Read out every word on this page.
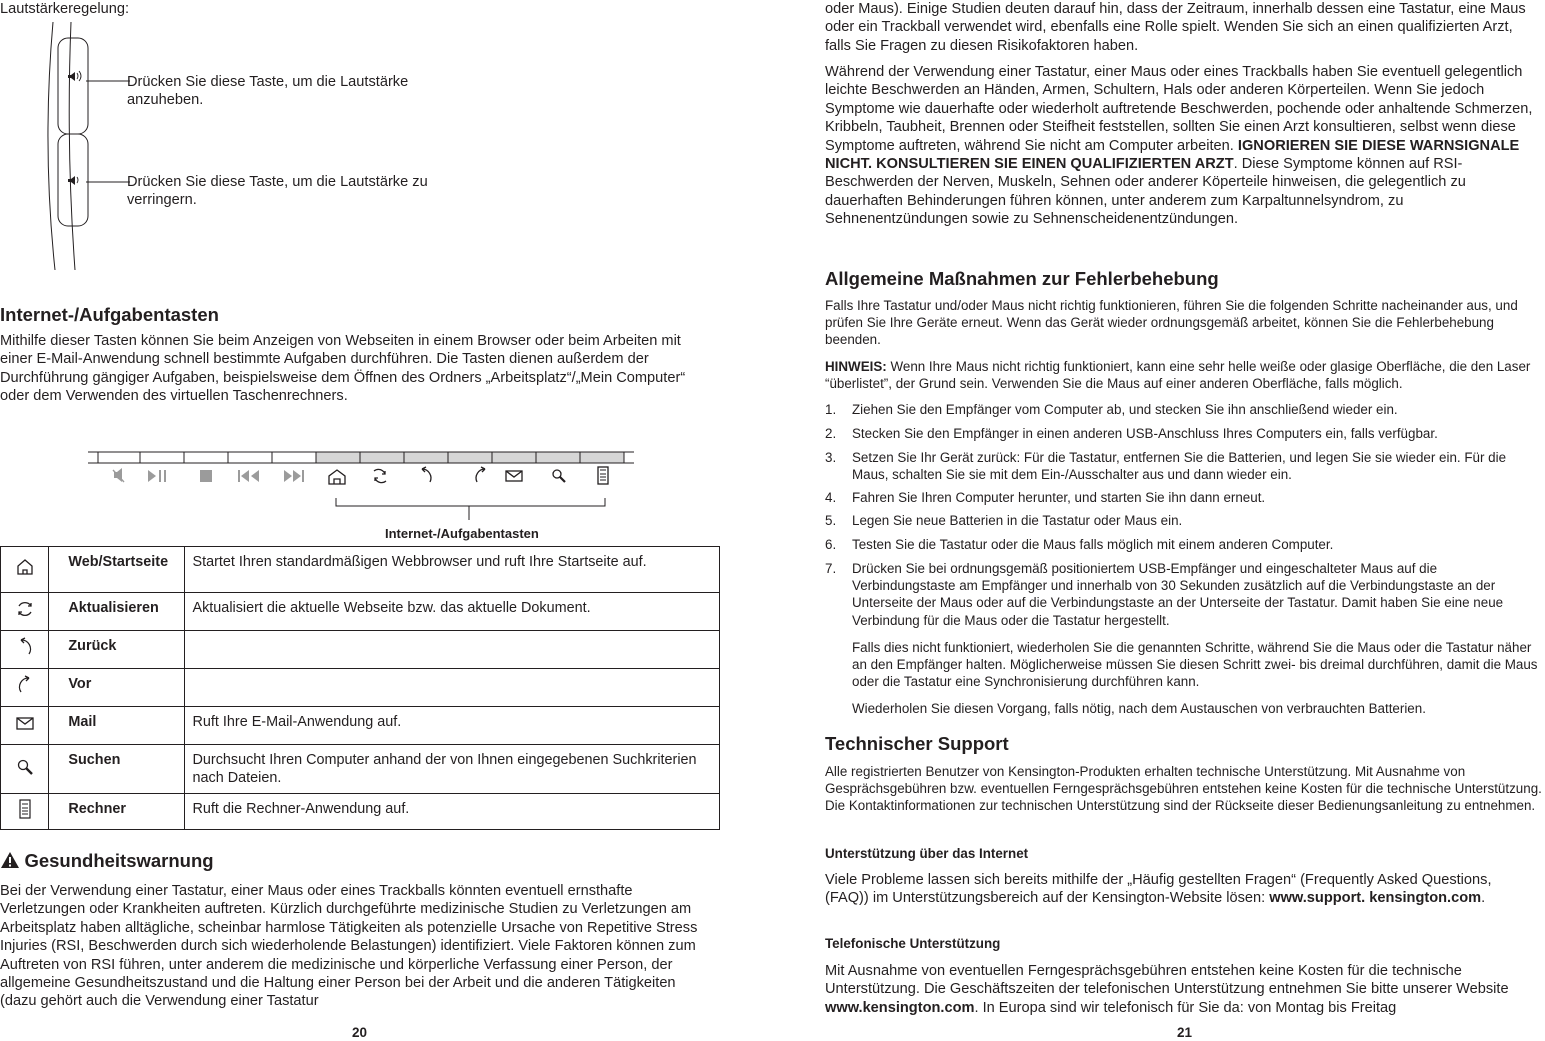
Lautstärkeregelung:
Drücken Sie diese Taste, um die Lautstärke anzuheben.
Drücken Sie diese Taste, um die Lautstärke zu verringern.
Internet-/Aufgabentasten

Mithilfe dieser Tasten können Sie beim Anzeigen von Webseiten in einem Browser oder beim Arbeiten mit einer E-Mail-Anwendung schnell bestimmte Aufgaben durchführen. Die Tasten dienen außerdem der Durchführung gängiger Aufgaben, beispielsweise dem Öffnen des Ordners „Arbeitsplatz“/„Mein Computer“ oder dem Verwenden des virtuellen Taschenrechners.

Internet-/Aufgabentasten
	Web/Startseite	Startet Ihren standardmäßigen Webbrowser und ruft Ihre Startseite auf.
	Aktualisieren	Aktualisiert die aktuelle Webseite bzw. das aktuelle Dokument.
	Zurück	
	Vor	
	Mail	Ruft Ihre E-Mail-Anwendung auf.
	Suchen	Durchsucht Ihren Computer anhand der von Ihnen eingegebenen Suchkriterien nach Dateien.
	Rechner	Ruft die Rechner-Anwendung auf.
Gesundheitswarnung

Bei der Verwendung einer Tastatur, einer Maus oder eines Trackballs könnten eventuell ernsthafte Verletzungen oder Krankheiten auftreten. Kürzlich durchgeführte medizinische Studien zu Verletzungen am Arbeitsplatz haben alltägliche, scheinbar harmlose Tätigkeiten als potenzielle Ursache von Repetitive Stress Injuries (RSI, Beschwerden durch sich wiederholende Belastungen) identifiziert. Viele Faktoren können zum Auftreten von RSI führen, unter anderem die medizinische und körperliche Verfassung einer Person, der allgemeine Gesundheitszustand und die Haltung einer Person bei der Arbeit und die anderen Tätigkeiten (dazu gehört auch die Verwendung einer Tastatur

20

oder Maus). Einige Studien deuten darauf hin, dass der Zeitraum, innerhalb dessen eine Tastatur, eine Maus oder ein Trackball verwendet wird, ebenfalls eine Rolle spielt. Wenden Sie sich an einen qualifizierten Arzt, falls Sie Fragen zu diesen Risikofaktoren haben.

Während der Verwendung einer Tastatur, einer Maus oder eines Trackballs haben Sie eventuell gelegentlich leichte Beschwerden an Händen, Armen, Schultern, Hals oder anderen Körperteilen. Wenn Sie jedoch Symptome wie dauerhafte oder wiederholt auftretende Beschwerden, pochende oder anhaltende Schmerzen, Kribbeln, Taubheit, Brennen oder Steifheit feststellen, sollten Sie einen Arzt konsultieren, selbst wenn diese Symptome auftreten, während Sie nicht am Computer arbeiten. IGNORIEREN SIE DIESE WARNSIGNALE NICHT. KONSULTIEREN SIE EINEN QUALIFIZIERTEN ARZT. Diese Symptome können auf RSI-Beschwerden der Nerven, Muskeln, Sehnen oder anderer Köperteile hinweisen, die gelegentlich zu dauerhaften Behinderungen führen können, unter anderem zum Karpaltunnelsyndrom, zu Sehnenentzündungen sowie zu Sehnenscheidenentzündungen.

Allgemeine Maßnahmen zur Fehlerbehebung

Falls Ihre Tastatur und/oder Maus nicht richtig funktionieren, führen Sie die folgenden Schritte nacheinander aus, und prüfen Sie Ihre Geräte erneut. Wenn das Gerät wieder ordnungsgemäß arbeitet, können Sie die Fehlerbehebung beenden.

HINWEIS: Wenn Ihre Maus nicht richtig funktioniert, kann eine sehr helle weiße oder glasige Oberfläche, die den Laser “überlistet”, der Grund sein. Verwenden Sie die Maus auf einer anderen Oberfläche, falls möglich.

1. Ziehen Sie den Empfänger vom Computer ab, und stecken Sie ihn anschließend wieder ein.
2. Stecken Sie den Empfänger in einen anderen USB-Anschluss Ihres Computers ein, falls verfügbar.
3. Setzen Sie Ihr Gerät zurück: Für die Tastatur, entfernen Sie die Batterien, und legen Sie sie wieder ein. Für die Maus, schalten Sie sie mit dem Ein-/Ausschalter aus und dann wieder ein.
4. Fahren Sie Ihren Computer herunter, und starten Sie ihn dann erneut.
5. Legen Sie neue Batterien in die Tastatur oder Maus ein.
6. Testen Sie die Tastatur oder die Maus falls möglich mit einem anderen Computer.
7. Drücken Sie bei ordnungsgemäß positioniertem USB-Empfänger und eingeschalteter Maus auf die Verbindungstaste am Empfänger und innerhalb von 30 Sekunden zusätzlich auf die Verbindungstaste an der Unterseite der Maus oder auf die Verbindungstaste an der Unterseite der Tastatur. Damit haben Sie eine neue Verbindung für die Maus oder die Tastatur hergestellt.

Falls dies nicht funktioniert, wiederholen Sie die genannten Schritte, während Sie die Maus oder die Tastatur näher an den Empfänger halten. Möglicherweise müssen Sie diesen Schritt zwei- bis dreimal durchführen, damit die Maus oder die Tastatur eine Synchronisierung durchführen kann.

Wiederholen Sie diesen Vorgang, falls nötig, nach dem Austauschen von verbrauchten Batterien.

Technischer Support

Alle registrierten Benutzer von Kensington-Produkten erhalten technische Unterstützung. Mit Ausnahme von Gesprächsgebühren bzw. eventuellen Ferngesprächsgebühren entstehen keine Kosten für die technische Unterstützung. Die Kontaktinformationen zur technischen Unterstützung sind der Rückseite dieser Bedienungsanleitung zu entnehmen.

Unterstützung über das Internet

Viele Probleme lassen sich bereits mithilfe der „Häufig gestellten Fragen“ (Frequently Asked Questions, (FAQ)) im Unterstützungsbereich auf der Kensington-Website lösen: www.support. kensington.com.

Telefonische Unterstützung

Mit Ausnahme von eventuellen Ferngesprächsgebühren entstehen keine Kosten für die technische Unterstützung. Die Geschäftszeiten der telefonischen Unterstützung entnehmen Sie bitte unserer Website www.kensington.com. In Europa sind wir telefonisch für Sie da: von Montag bis Freitag

21
